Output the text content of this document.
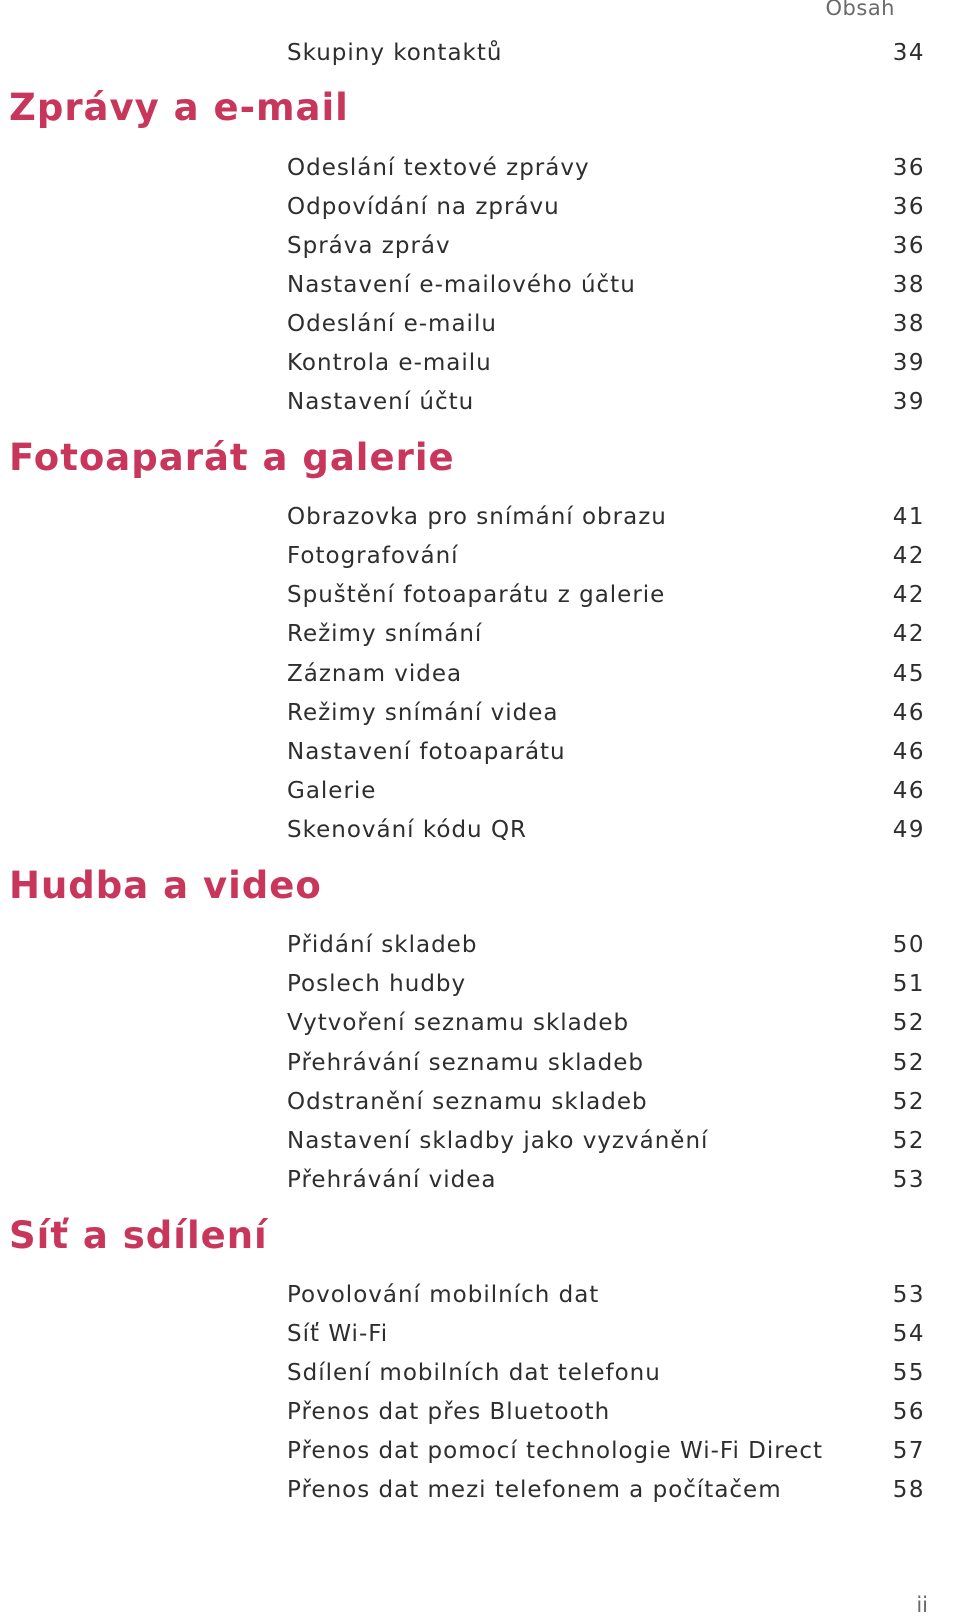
Obsah
Skupiny kontaktů	34
Zprávy a e-mail
Odeslání textové zprávy	36
Odpovídání na zprávu	36
Správa zpráv	36
Nastavení e-mailového účtu	38
Odeslání e-mailu	38
Kontrola e-mailu	39
Nastavení účtu	39
Fotoaparát a galerie
Obrazovka pro snímání obrazu	41
Fotografování	42
Spuštění fotoaparátu z galerie	42
Režimy snímání	42
Záznam videa	45
Režimy snímání videa	46
Nastavení fotoaparátu	46
Galerie	46
Skenování kódu QR	49
Hudba a video
Přidání skladeb	50
Poslech hudby	51
Vytvoření seznamu skladeb	52
Přehrávání seznamu skladeb	52
Odstranění seznamu skladeb	52
Nastavení skladby jako vyzvánění	52
Přehrávání videa	53
Síť a sdílení
Povolování mobilních dat	53
Síť Wi-Fi	54
Sdílení mobilních dat telefonu	55
Přenos dat přes Bluetooth	56
Přenos dat pomocí technologie Wi-Fi Direct	57
Přenos dat mezi telefonem a počítačem	58
ii
